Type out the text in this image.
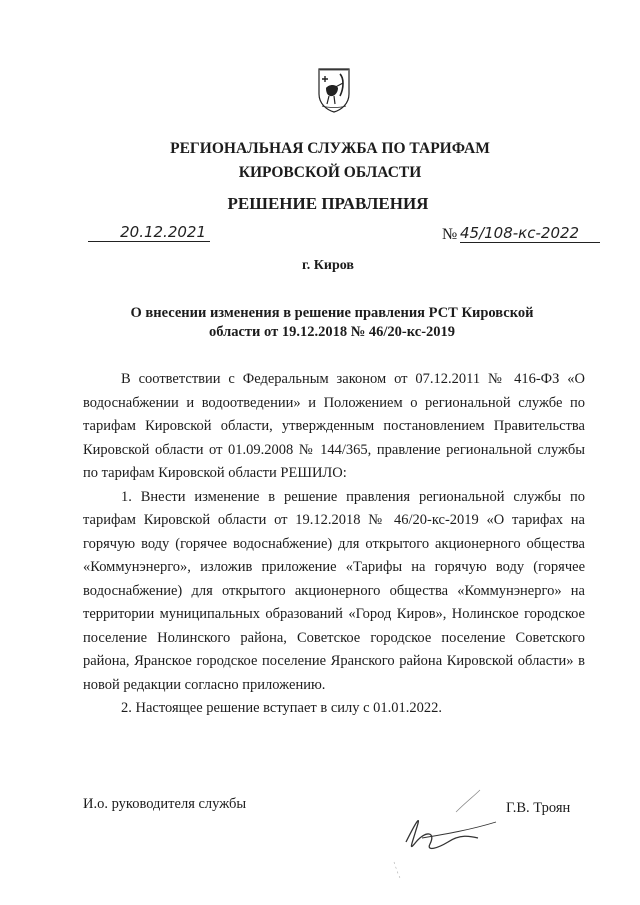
РЕГИОНАЛЬНАЯ СЛУЖБА ПО ТАРИФАМ
КИРОВСКОЙ ОБЛАСТИ
РЕШЕНИЕ ПРАВЛЕНИЯ
20.12.2021	№ 45/108-кс-2022
г. Киров
О внесении изменения в решение правления РСТ Кировской
области от 19.12.2018 № 46/20-кс-2019

В соответствии с Федеральным законом от 07.12.2011 № 416-ФЗ «О водоснабжении и водоотведении» и Положением о региональной службе по тарифам Кировской области, утвержденным постановлением Правительства Кировской области от 01.09.2008 № 144/365, правление региональной службы по тарифам Кировской области РЕШИЛО:

1. Внести изменение в решение правления региональной службы по тарифам Кировской области от 19.12.2018 № 46/20-кс-2019 «О тарифах на горячую воду (горячее водоснабжение) для открытого акционерного общества «Коммунэнерго», изложив приложение «Тарифы на горячую воду (горячее водоснабжение) для открытого акционерного общества «Коммунэнерго» на территории муниципальных образований «Город Киров», Нолинское городское поселение Нолинского района, Советское городское поселение Советского района, Яранское городское поселение Яранского района Кировской области» в новой редакции согласно приложению.

2. Настоящее решение вступает в силу с 01.01.2022.

И.о. руководителя службы	Г.В. Троян
